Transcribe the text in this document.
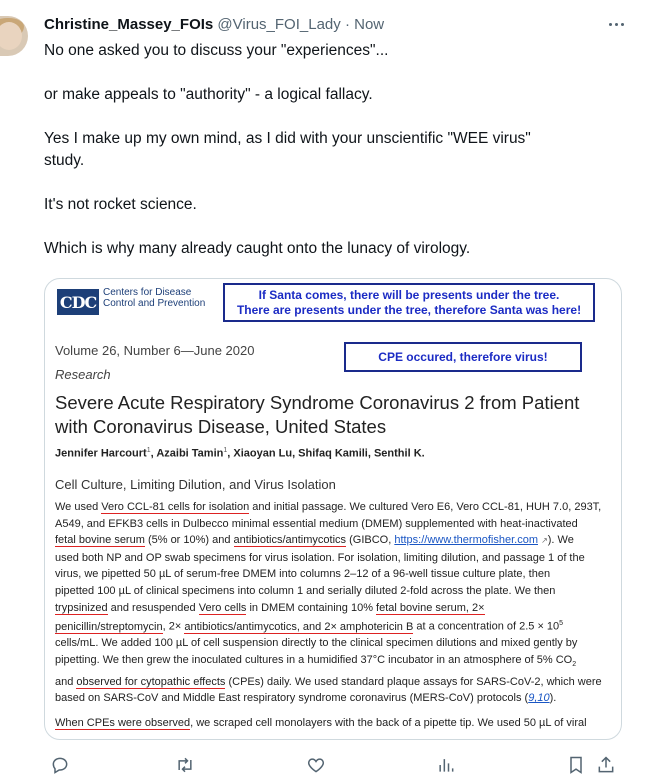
Christine_Massey_FOIs @Virus_FOI_Lady · Now

No one asked you to discuss your "experiences"...

or make appeals to "authority" - a logical fallacy.

Yes I make up my own mind, as I did with your unscientific "WEE virus"

study.

It's not rocket science.

Which is why many already caught onto the lunacy of virology.

CDC Centers for Disease
Control and Prevention
If Santa comes, there will be presents under the tree.
There are presents under the tree, therefore Santa was here!
Volume 26, Number 6—June 2020	CPE occured, therefore virus!
Research
Severe Acute Respiratory Syndrome Coronavirus 2 from Patient with Coronavirus Disease, United States
Jennifer Harcourt$^1$, Azaibi Tamin$^1$, Xiaoyan Lu, Shifaq Kamili, Senthil K.
Cell Culture, Limiting Dilution, and Virus Isolation
We used Vero CCL-81 cells for isolation and initial passage. We cultured Vero E6, Vero CCL-81, HUH 7.0, 293T,
A549, and EFKB3 cells in Dulbecco minimal essential medium (DMEM) supplemented with heat-inactivated
fetal bovine serum (5% or 10%) and antibiotics/antimycotics (GIBCO, https://www.thermofisher.com ↗). We
used both NP and OP swab specimens for virus isolation. For isolation, limiting dilution, and passage 1 of the
virus, we pipetted 50 µL of serum-free DMEM into columns 2–12 of a 96-well tissue culture plate, then
pipetted 100 µL of clinical specimens into column 1 and serially diluted 2-fold across the plate. We then
trypsinized and resuspended Vero cells in DMEM containing 10% fetal bovine serum, 2×
penicillin/streptomycin, 2× antibiotics/antimycotics, and 2× amphotericin B at a concentration of $2.5 \times 10^5$
cells/mL. We added 100 µL of cell suspension directly to the clinical specimen dilutions and mixed gently by
pipetting. We then grew the inoculated cultures in a humidified 37°C incubator in an atmosphere of 5% $CO_2$
and observed for cytopathic effects (CPEs) daily. We used standard plaque assays for SARS-CoV-2, which were
based on SARS-CoV and Middle East respiratory syndrome coronavirus (MERS-CoV) protocols (9,10).
When CPEs were observed, we scraped cell monolayers with the back of a pipette tip. We used 50 µL of viral
